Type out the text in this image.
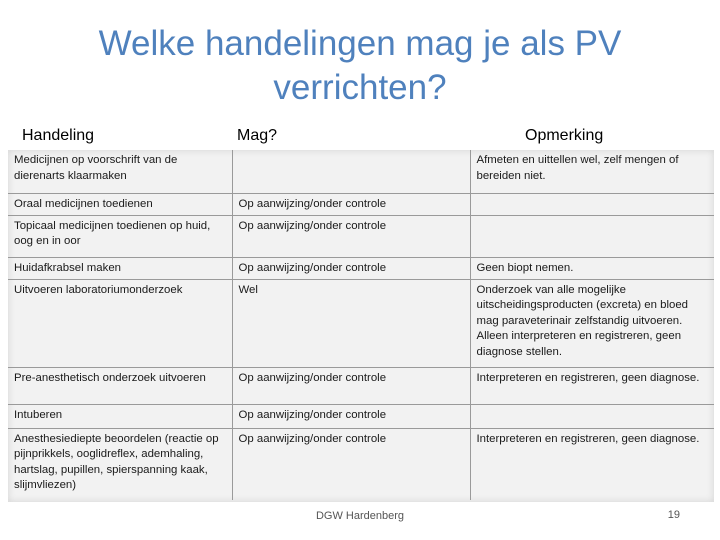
Welke handelingen mag je als PV verrichten?
Handeling	Mag?	Opmerking
Medicijnen op voorschrift van de dierenarts klaarmaken		Afmeten en uittellen wel, zelf mengen of bereiden niet.
Oraal medicijnen toedienen	Op aanwijzing/onder controle	
Topicaal medicijnen toedienen op huid, oog en in oor	Op aanwijzing/onder controle	
Huidafkrabsel maken	Op aanwijzing/onder controle	Geen biopt nemen.
Uitvoeren laboratoriumonderzoek	Wel	Onderzoek van alle mogelijke uitscheidingsproducten (excreta) en bloed mag paraveterinair zelfstandig uitvoeren. Alleen interpreteren en registreren, geen diagnose stellen.
Pre-anesthetisch onderzoek uitvoeren	Op aanwijzing/onder controle	Interpreteren en registreren, geen diagnose.
Intuberen	Op aanwijzing/onder controle	
Anesthesiediepte beoordelen (reactie op pijnprikkels, ooglidreflex, ademhaling, hartslag, pupillen, spierspanning kaak, slijmvliezen)	Op aanwijzing/onder controle	Interpreteren en registreren, geen diagnose.
DGW Hardenberg	19
